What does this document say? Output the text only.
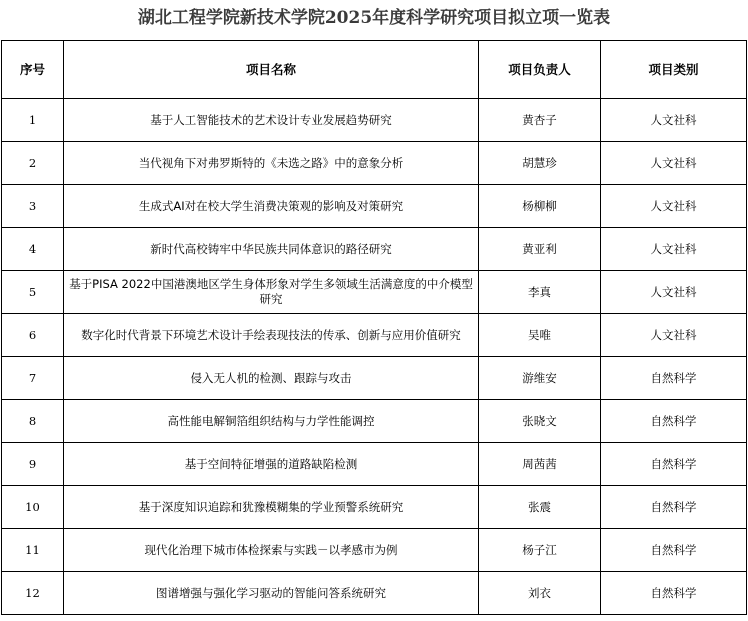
湖北工程学院新技术学院2025年度科学研究项目拟立项一览表
序号	项目名称	项目负责人	项目类别
1	基于人工智能技术的艺术设计专业发展趋势研究	黄杏子	人文社科
2	当代视角下对弗罗斯特的《未选之路》中的意象分析	胡慧珍	人文社科
3	生成式AI对在校大学生消费决策观的影响及对策研究	杨柳柳	人文社科
4	新时代高校铸牢中华民族共同体意识的路径研究	黄亚利	人文社科
5	基于PISA 2022中国港澳地区学生身体形象对学生多领域生活满意度的中介模型研究	李真	人文社科
6	数字化时代背景下环境艺术设计手绘表现技法的传承、创新与应用价值研究	吴唯	人文社科
7	侵入无人机的检测、跟踪与攻击	游维安	自然科学
8	高性能电解铜箔组织结构与力学性能调控	张晓文	自然科学
9	基于空间特征增强的道路缺陷检测	周茜茜	自然科学
10	基于深度知识追踪和犹豫模糊集的学业预警系统研究	张震	自然科学
11	现代化治理下城市体检探索与实践－以孝感市为例	杨子江	自然科学
12	图谱增强与强化学习驱动的智能问答系统研究	刘衣	自然科学
